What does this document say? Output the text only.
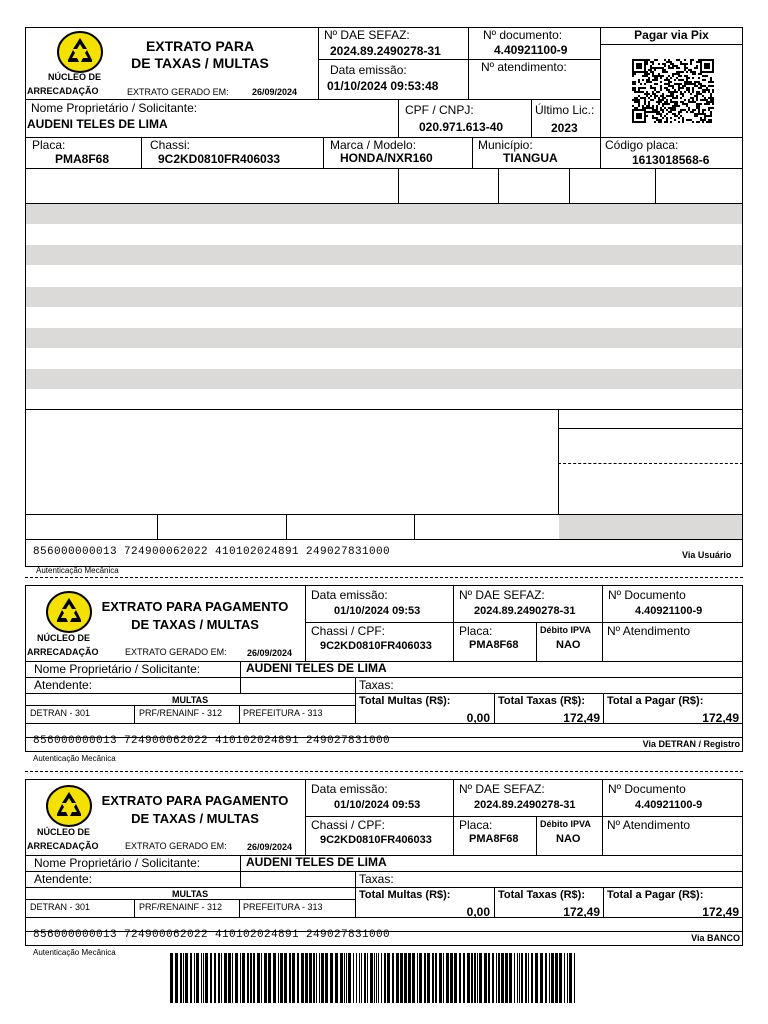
NÚCLEO DE
ARRECADAÇÃO	EXTRATO GERADO EM:	26/09/2024
EXTRATO PARA
DE TAXAS / MULTAS
Nº DAE SEFAZ:
2024.89.2490278-31
Nº documento:
4.40921100-9
Pagar via Pix
Data emissão:
01/10/2024 09:53:48
Nº atendimento:
Nome Proprietário / Solicitante:
AUDENI TELES DE LIMA
CPF / CNPJ:
020.971.613-40
Último Lic.:
2023
Placa:
PMA8F68
Chassi:
9C2KD0810FR406033
Marca / Modelo:
HONDA/NXR160
Município:
TIANGUA
Código placa:
1613018568-6
856000000013 724900062022 410102024891 249027831000	Via Usuário
Autenticação Mecânica
NÚCLEO DE
ARRECADAÇÃO	EXTRATO GERADO EM: 26/09/2024
EXTRATO PARA PAGAMENTO
DE TAXAS / MULTAS
Data emissão:
01/10/2024 09:53
Nº DAE SEFAZ:
2024.89.2490278-31
Nº Documento
4.40921100-9
Chassi / CPF:
9C2KD0810FR406033
Placa:
PMA8F68
Débito IPVA
NAO
Nº Atendimento
Nome Proprietário / Solicitante:	AUDENI TELES DE LIMA
Atendente:	Taxas:
MULTAS
DETRAN - 301	PRF/RENAINF - 312 PREFEITURA - 313
Total Multas (R$):
0,00
Total Taxas (R$):
172,49
Total a Pagar (R$):
172,49
856000000013 724900062022 410102024891 249027831000	Via DETRAN / Registro
Autenticação Mecânica
NÚCLEO DE
ARRECADAÇÃO	EXTRATO GERADO EM: 26/09/2024
EXTRATO PARA PAGAMENTO
DE TAXAS / MULTAS
Data emissão:
01/10/2024 09:53
Nº DAE SEFAZ:
2024.89.2490278-31
Nº Documento
4.40921100-9
Chassi / CPF:
9C2KD0810FR406033
Placa:
PMA8F68
Débito IPVA
NAO
Nº Atendimento
Nome Proprietário / Solicitante:	AUDENI TELES DE LIMA
Atendente:	Taxas:
MULTAS
DETRAN - 301	PRF/RENAINF - 312 PREFEITURA - 313
Total Multas (R$):
0,00
Total Taxas (R$):
172,49
Total a Pagar (R$):
172,49
856000000013 724900062022 410102024891 249027831000	Via BANCO
Autenticação Mecânica
